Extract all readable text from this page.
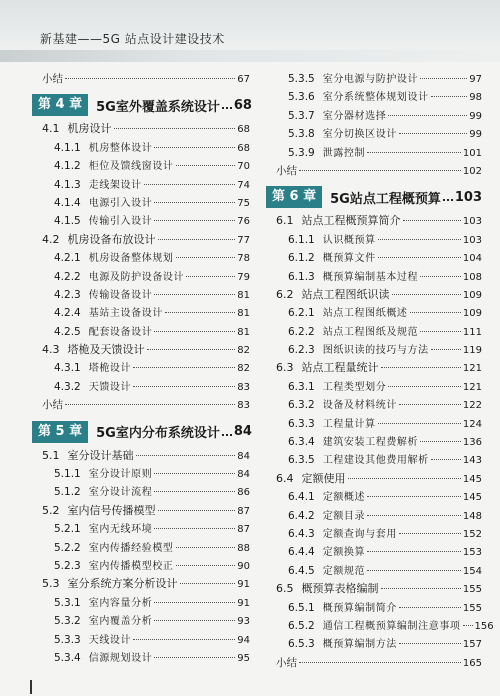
新基建——5G 站点设计建设技术
小结	67
第 4 章	5G室外覆盖系统设计 68
4.1 机房设计	68
4.1.1 机房整体设计	68
4.1.2 柜位及馈线窗设计	70
4.1.3 走线架设计	74
4.1.4 电源引入设计	75
4.1.5 传输引入设计	76
4.2 机房设备布放设计	77
4.2.1 机房设备整体规划	78
4.2.2 电源及防护设备设计	79
4.2.3 传输设备设计	81
4.2.4 基站主设备设计	81
4.2.5 配套设备设计	81
4.3 塔桅及天馈设计	82
4.3.1 塔桅设计	82
4.3.2 天馈设计	83
小结	83
第 5 章	5G室内分布系统设计 84
5.1 室分设计基础	84
5.1.1 室分设计原则	84
5.1.2 室分设计流程	86
5.2 室内信号传播模型	87
5.2.1 室内无线环境	87
5.2.2 室内传播经验模型	88
5.2.3 室内传播模型校正	90
5.3 室分系统方案分析设计	91
5.3.1 室内容量分析	91
5.3.2 室内覆盖分析	93
5.3.3 天线设计	94
5.3.4 信源规划设计	95
5.3.5 室分电源与防护设计	97
5.3.6 室分系统整体规划设计	98
5.3.7 室分器材选择	99
5.3.8 室分切换区设计	99
5.3.9 泄露控制	101
小结	102
第 6 章	5G站点工程概预算 103
6.1 站点工程概预算简介	103
6.1.1 认识概预算	103
6.1.2 概预算文件	104
6.1.3 概预算编制基本过程	108
6.2 站点工程图纸识读	109
6.2.1 站点工程图纸概述	109
6.2.2 站点工程图纸及规范	111
6.2.3 图纸识读的技巧与方法	119
6.3 站点工程量统计	121
6.3.1 工程类型划分	121
6.3.2 设备及材料统计	122
6.3.3 工程量计算	124
6.3.4 建筑安装工程费解析	136
6.3.5 工程建设其他费用解析	143
6.4 定额使用	145
6.4.1 定额概述	145
6.4.2 定额目录	148
6.4.3 定额查询与套用	152
6.4.4 定额换算	153
6.4.5 定额规范	154
6.5 概预算表格编制	155
6.5.1 概预算编制简介	155
6.5.2 通信工程概预算编制注意事项 156
6.5.3 概预算编制方法	157
小结	165
